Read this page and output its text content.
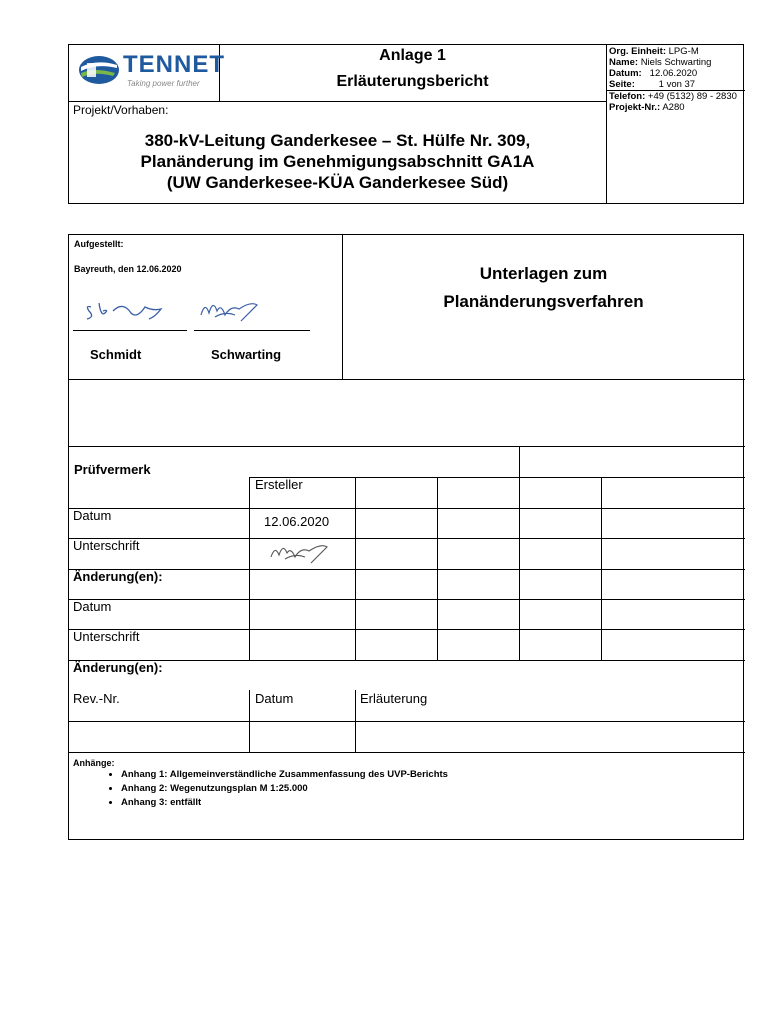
TENNET
Taking power further
Anlage 1
Erläuterungsbericht
Org. Einheit: LPG-M
Name: Niels Schwarting
Datum: 12.06.2020
Seite:	1 von 37
Telefon: +49 (5132) 89 - 2830
Projekt-Nr.: A280
Projekt/Vorhaben:
380-kV-Leitung Ganderkesee – St. Hülfe Nr. 309,
Planänderung im Genehmigungsabschnitt GA1A
(UW Ganderkesee-KÜA Ganderkesee Süd)
Aufgestellt:
Bayreuth, den 12.06.2020
Schmidt	Schwarting
Unterlagen zum
Planänderungsverfahren
Prüfvermerk
Ersteller
Datum	12.06.2020
Unterschrift
Änderung(en):
Datum
Unterschrift
Änderung(en):
Rev.-Nr.	Datum	Erläuterung
Anhänge:
• Anhang 1: Allgemeinverständliche Zusammenfassung des UVP-Berichts
• Anhang 2: Wegenutzungsplan M 1:25.000
• Anhang 3: entfällt
